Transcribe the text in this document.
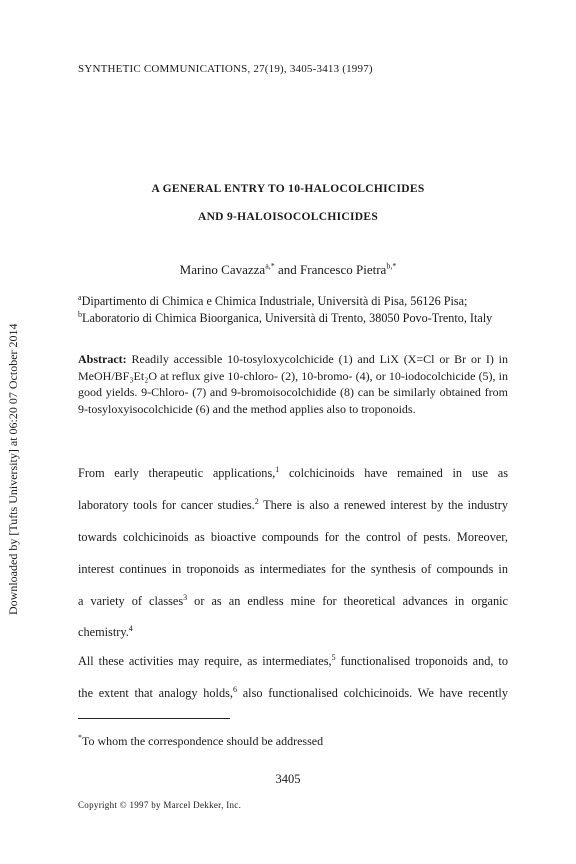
Downloaded by [Tufts University] at 06:20 07 October 2014
SYNTHETIC COMMUNICATIONS, 27(19), 3405-3413 (1997)
A GENERAL ENTRY TO 10-HALOCOLCHICIDES
AND 9-HALOISOCOLCHICIDES
Marino Cavazza$^{a,*}$ and Francesco Pietra$^{b,*}$
$^a$Dipartimento di Chimica e Chimica Industriale, Università di Pisa, 56126 Pisa;
$^b$Laboratorio di Chimica Bioorganica, Università di Trento, 38050 Povo-Trento, Italy
Abstract: Readily accessible 10-tosyloxycolchicide (1) and LiX (X=Cl or Br or I) in MeOH/BF₃Et₂O at reflux give 10-chloro- (2), 10-bromo- (4), or 10-iodocolchicide (5), in good yields. 9-Chloro- (7) and 9-bromoisocolchidide (8) can be similarly obtained from 9-tosyloxyisocolchicide (6) and the method applies also to troponoids.
From early therapeutic applications,$^1$ colchicinoids have remained in use as
laboratory tools for cancer studies.$^2$ There is also a renewed interest by the industry
towards colchicinoids as bioactive compounds for the control of pests. Moreover,
interest continues in troponoids as intermediates for the synthesis of compounds in
a variety of classes$^3$ or as an endless mine for theoretical advances in organic
chemistry.$^4$
All these activities may require, as intermediates,$^5$ functionalised troponoids and, to
the extent that analogy holds,$^6$ also functionalised colchicinoids. We have recently
*To whom the correspondence should be addressed
3405
Copyright © 1997 by Marcel Dekker, Inc.
